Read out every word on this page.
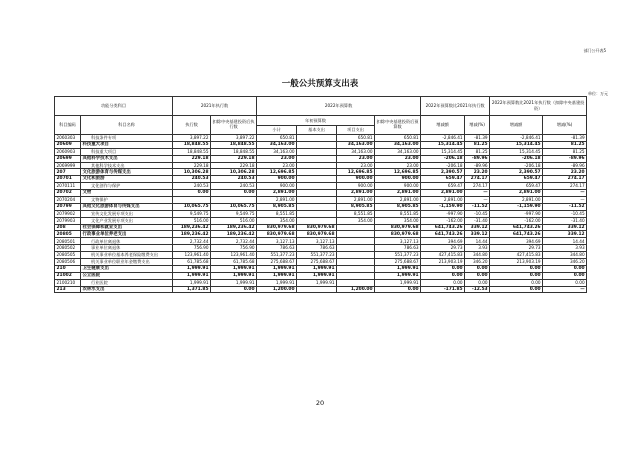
部门公开表5
一般公共预算支出表
单位：万元
功能分类科目		2021年执行数		2022年预算数				2022年预算数比2021年执行数		2022年预算数比2021年执行数（扣除中央基建投资）	
科目编码	科目名称	执行数	扣除中央基建投资后执行数	年初预算数			扣除中央基建投资后预算数	增减额	增减(%)	增减额	增减(%)
				小计	基本支出	项目支出					
2060303	科技条件专项	3,897.22	3,897.22	650.81		650.81	650.81	-2,846.41	-81.39	-2,846.41	-81.39
20609	科技重大项目	18,848.55	18,848.55	34,163.00		34,163.00	34,163.00	15,314.45	81.25	15,314.45	81.25
2060903	科技重大项目	18,848.55	18,848.55	34,163.00		34,163.00	34,163.00	15,314.45	81.25	15,314.45	81.25
20699	其他科学技术支出	229.18	229.18	23.00		23.00	23.00	-206.18	-89.96	-206.18	-89.96
2069999	其他科学技术支出	229.18	229.18	23.00		23.00	23.00	-206.18	-89.96	-206.18	-89.96
207	文化旅游体育与传媒支出	10,306.28	10,306.28	12,696.85		12,696.85	12,696.85	2,390.57	23.20	2,390.57	23.20
20701	文化和旅游	240.53	240.53	900.00		900.00	900.00	659.47	274.17	659.47	274.17
2070111	文化创作与保护	240.53	240.53	900.00		900.00	900.00	659.47	274.17	659.47	274.17
20702	文物	0.00	0.00	2,891.00		2,891.00	2,891.00	2,891.00	—	2,891.00	—
2070204	文物保护			2,891.00		2,891.00	2,891.00	2,891.00	—	2,891.00	—
20799	其他文化旅游体育与传媒支出	10,065.75	10,065.75	8,905.85		8,905.85	8,905.85	-1,159.90	-11.52	-1,159.90	-11.52
2079902	宣传文化发展专项支出	9,549.75	9,549.75	8,551.85		8,551.85	8,551.85	-997.90	-10.45	-997.90	-10.45
2079903	文化产业发展专项支出	516.00	516.00	354.00		354.00	354.00	-162.00	-31.40	-162.00	-31.40
208	社会保障和就业支出	189,236.42	189,236.42	830,979.68	830,979.68		830,979.68	641,743.26	339.12	641,743.26	339.12
20805	行政事业单位养老支出	189,236.42	189,236.42	830,979.68	830,979.68		830,979.68	641,743.26	339.12	641,743.26	339.12
2080501	行政单位离退休	2,732.44	2,732.44	3,127.13	3,127.13		3,127.13	394.69	14.44	394.69	14.44
2080502	事业单位离退休	756.90	756.90	786.63	786.63		786.63	29.73	3.93	29.73	3.93
2080505	机关事业单位基本养老保险缴费支出	123,961.40	123,961.40	551,377.23	551,377.23		551,377.23	427,415.83	344.80	427,415.83	344.80
2080506	机关事业单位职业年金缴费支出	61,785.68	61,785.68	275,688.67	275,688.67		275,688.67	213,903.19	346.20	213,903.19	346.20
210	卫生健康支出	1,999.91	1,999.91	1,999.91	1,999.91		1,999.91	0.00	0.00	0.00	0.00
21002	公立医院	1,999.91	1,999.91	1,999.91	1,999.91		1,999.91	0.00	0.00	0.00	0.00
2100210	行业医院	1,999.91	1,999.91	1,999.91	1,999.91		1,999.91	0.00	0.00	0.00	0.00
213	农林水支出	1,371.85	0.00	1,200.00		1,200.00	0.00	-171.85	-12.53	0.00	—
20
